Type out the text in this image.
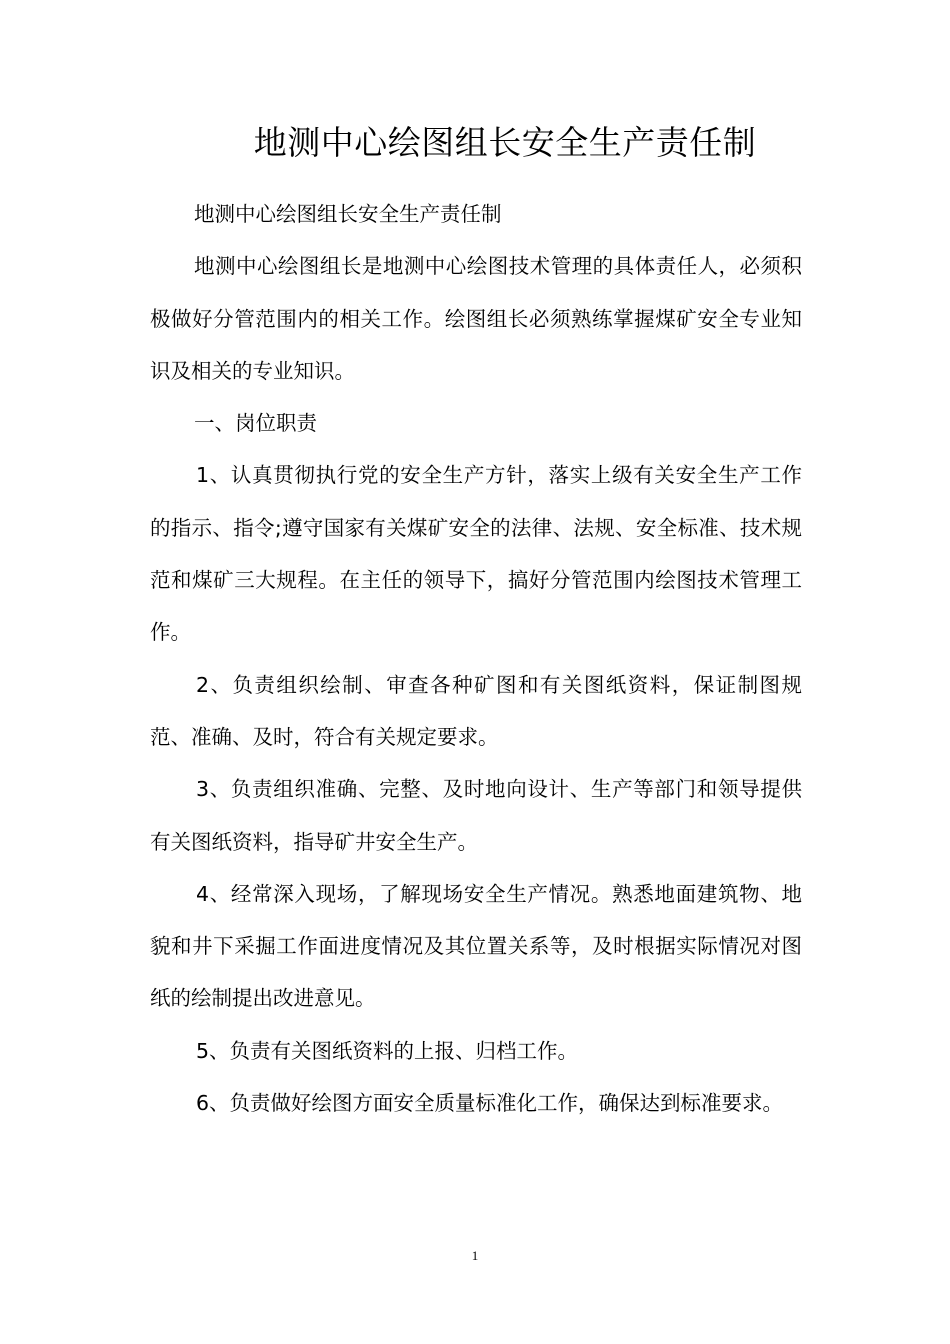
地测中心绘图组长安全生产责任制

地测中心绘图组长安全生产责任制

地测中心绘图组长是地测中心绘图技术管理的具体责任人，必须积极做好分管范围内的相关工作。绘图组长必须熟练掌握煤矿安全专业知识及相关的专业知识。

一、岗位职责

1、认真贯彻执行党的安全生产方针，落实上级有关安全生产工作的指示、指令;遵守国家有关煤矿安全的法律、法规、安全标准、技术规范和煤矿三大规程。在主任的领导下，搞好分管范围内绘图技术管理工作。

2、负责组织绘制、审查各种矿图和有关图纸资料，保证制图规范、准确、及时，符合有关规定要求。

3、负责组织准确、完整、及时地向设计、生产等部门和领导提供有关图纸资料，指导矿井安全生产。

4、经常深入现场，了解现场安全生产情况。熟悉地面建筑物、地貌和井下采掘工作面进度情况及其位置关系等，及时根据实际情况对图纸的绘制提出改进意见。

5、负责有关图纸资料的上报、归档工作。

6、负责做好绘图方面安全质量标准化工作，确保达到标准要求。

1
